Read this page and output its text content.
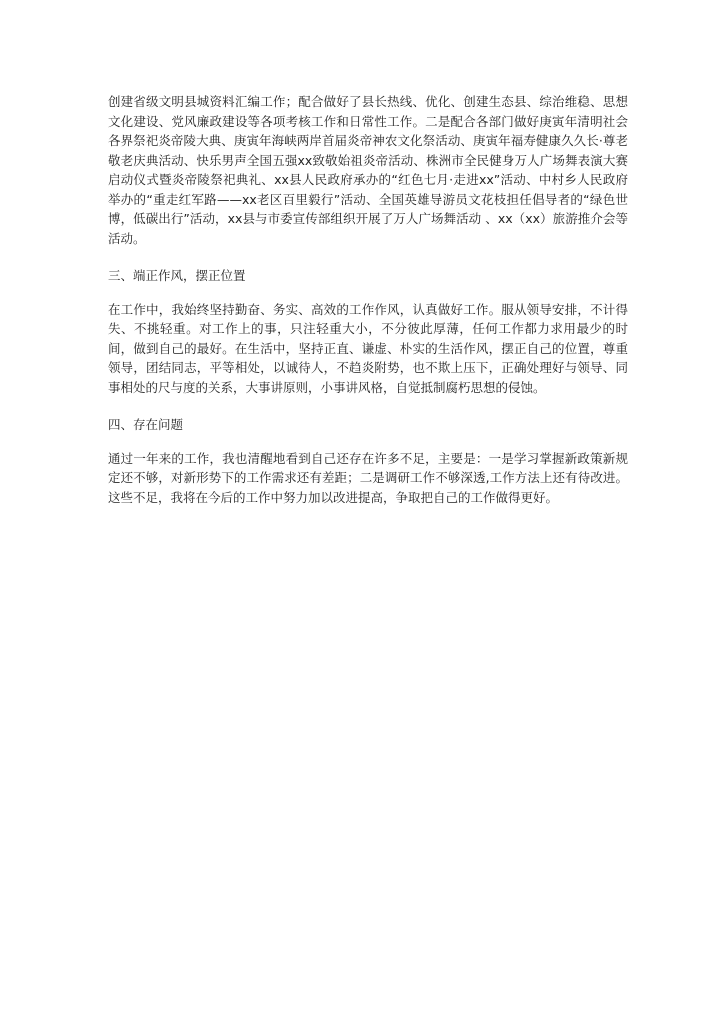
创建省级文明县城资料汇编工作；配合做好了县长热线、优化、创建生态县、综治维稳、思想文化建设、党风廉政建设等各项考核工作和日常性工作。二是配合各部门做好庚寅年清明社会各界祭祀炎帝陵大典、庚寅年海峡两岸首届炎帝神农文化祭活动、庚寅年福寿健康久久长·尊老敬老庆典活动、快乐男声全国五强xx致敬始祖炎帝活动、株洲市全民健身万人广场舞表演大赛启动仪式暨炎帝陵祭祀典礼、xx县人民政府承办的“红色七月·走进xx”活动、中村乡人民政府举办的“重走红军路——xx老区百里毅行”活动、全国英雄导游员文花枝担任倡导者的“绿色世博，低碳出行”活动，xx县与市委宣传部组织开展了万人广场舞活动 、xx（xx）旅游推介会等活动。

三、端正作风，摆正位置

在工作中，我始终坚持勤奋、务实、高效的工作作风，认真做好工作。服从领导安排，不计得失、不挑轻重。对工作上的事，只注轻重大小，不分彼此厚薄，任何工作都力求用最少的时间，做到自己的最好。在生活中，坚持正直、谦虚、朴实的生活作风，摆正自己的位置，尊重领导，团结同志，平等相处，以诚待人，不趋炎附势，也不欺上压下，正确处理好与领导、同事相处的尺与度的关系，大事讲原则，小事讲风格，自觉抵制腐朽思想的侵蚀。

四、存在问题

通过一年来的工作，我也清醒地看到自己还存在许多不足，主要是：一是学习掌握新政策新规定还不够，对新形势下的工作需求还有差距；二是调研工作不够深透,工作方法上还有待改进。这些不足，我将在今后的工作中努力加以改进提高，争取把自己的工作做得更好。
